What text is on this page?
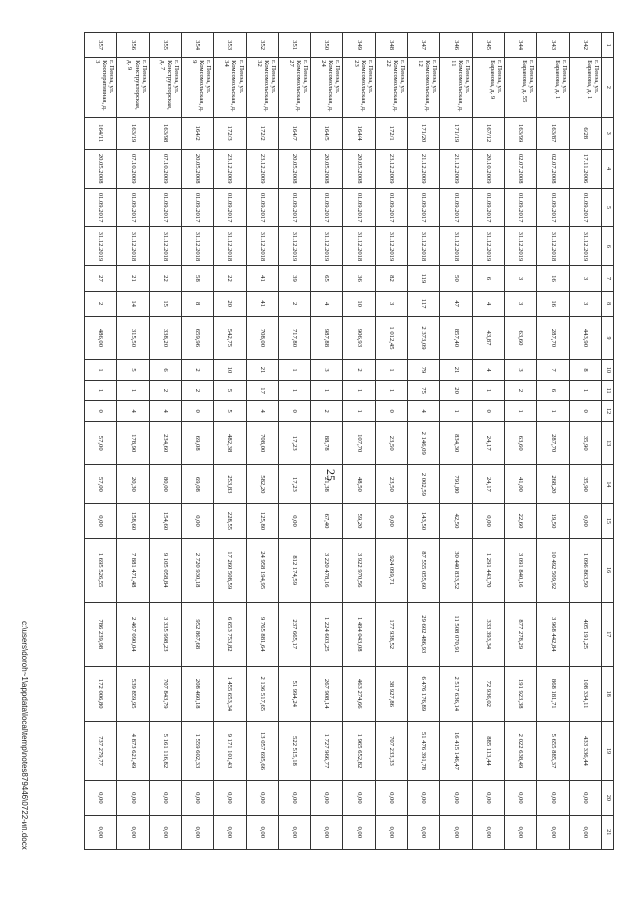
25
1	2	3	4	5	6	7	8	9	10	11	12	13	14	15	16	17	18	19	20	21
342	г. Пенза, ул. Баранова, д. 1	6/28	17.11.2006	01.09.2017	31.12.2019	3	3	443,90	8	1	0	35,90	35,90	0,00	1 096 863,50	405 191,25	108 334,11	433 336,44	0,00	0,00
343	г. Пенза, ул. Баранова, д. 1	163/87	02.07.2008	01.09.2017	31.12.2018	16	16	287,70	7	6	1	287,70	268,20	19,50	10 492 509,92	3 968 442,84	868 181,71	5 655 885,37	0,00	0,00
344	г. Пенза, ул. Баранова, д. 55	163/99	02.07.2008	01.09.2017	31.12.2019	3	3	63,60	3	2	1	63,60	41,00	22,60	3 091 840,16	877 278,29	191 923,38	2 022 638,49	0,00	0,00
345	г. Пенза, ул. Баранова, д. 9	167/12	20.10.2009	01.09.2017	31.12.2019	6	4	43,87	4	1	0	24,17	24,17	0,00	1 291 443,70	333 393,34	72 936,02	885 113,44	0,00	0,00
346	г. Пенза, ул. Комсомольская, д. 11	171/19	21.12.2009	01.09.2017	31.12.2018	50	47	857,40	21	20	1	834,30	791,80	42,50	30 440 833,52	11 508 070,91	2 517 636,14	16 415 146,47	0,00	0,00
347	г. Пенза, ул. Комсомольская, д. 12	171/20	21.12.2009	01.09.2017	31.12.2018	119	117	2 373,09	79	75	4	2 146,09	2 002,59	143,50	87 555 055,60	29 602 486,93	6 476 176,89	51 476 391,78	0,00	0,00
348	г. Пенза, ул. Комсомольская, д. 22	172/1	23.12.2009	01.09.2017	31.12.2019	82	3	1 012,45	1	1	0	23,50	23,50	0,00	924 099,71	177 938,52	38 927,86	707 233,33	0,00	0,00
349	г. Пенза, ул. Комсомольская, д. 23	164/4	20.05.2008	01.09.2017	31.12.2018	36	10	906,93	2	1	1	107,70	48,50	59,20	3 922 970,56	1 494 043,08	463 274,66	1 965 652,82	0,00	0,00
350	г. Пенза, ул. Комсомольская, д. 24	164/5	20.05.2008	01.09.2017	31.12.2019	65	4	987,88	3	1	2	88,78	21,38	67,40	3 220 478,16	1 224 603,25	267 908,14	1 727 966,77	0,00	0,00
351	г. Пенза, ул. Комсомольская, д. 27	164/7	20.05.2008	01.09.2017	31.12.2019	39	2	717,80	1	1	0	17,23	17,23	0,00	812 174,59	237 665,17	51 994,24	522 515,18	0,00	0,00
352	г. Пенза, ул. Комсомольская, д. 32	172/2	23.12.2009	01.09.2017	31.12.2018	41	41	708,00	21	17	4	708,00	582,20	125,80	24 958 194,95	9 765 881,64	2 136 517,65	13 057 695,66	0,00	0,00
353	г. Пенза, ул. Комсомольская, д. 34	172/3	23.12.2009	01.09.2017	31.12.2018	22	20	542,75	10	5	5	482,38	253,83	228,55	17 260 508,59	6 653 753,82	1 455 653,34	9 171 101,43	0,00	0,00
354	г. Пенза, ул. Комсомольская, д. 9	164/2	20.05.2008	01.09.2017	31.12.2018	58	8	659,96	2	2	0	69,08	69,08	0,00	2 720 930,18	952 867,68	208 460,18	1 559 602,33	0,00	0,00
355	г. Пенза, ул. Конструкторская, д. 7	163/98	07.10.2009	01.09.2017	31.12.2018	22	15	338,20	6	2	4	234,60	80,00	154,60	9 105 058,84	3 335 998,23	707 843,79	5 161 116,82	0,00	0,00
356	г. Пенза, ул. Конструкторская, д. 9	163/19	07.10.2009	01.09.2017	31.12.2018	21	14	315,50	5	1	4	178,90	20,30	158,60	7 881 471,48	2 467 090,04	539 859,95	4 873 621,49	0,00	0,00
357	г. Пенза, ул. Кооперативная, д. 3	164/11	20.05.2008	01.09.2017	31.12.2019	27	2	486,00	1	1	0	57,00	57,00	0,00	1 695 526,55	786 239,98	172 006,80	737 279,77	0,00	0,00
c:\users\doroh~1\appdata\local\temp\notes879446\0722-ип.docx
